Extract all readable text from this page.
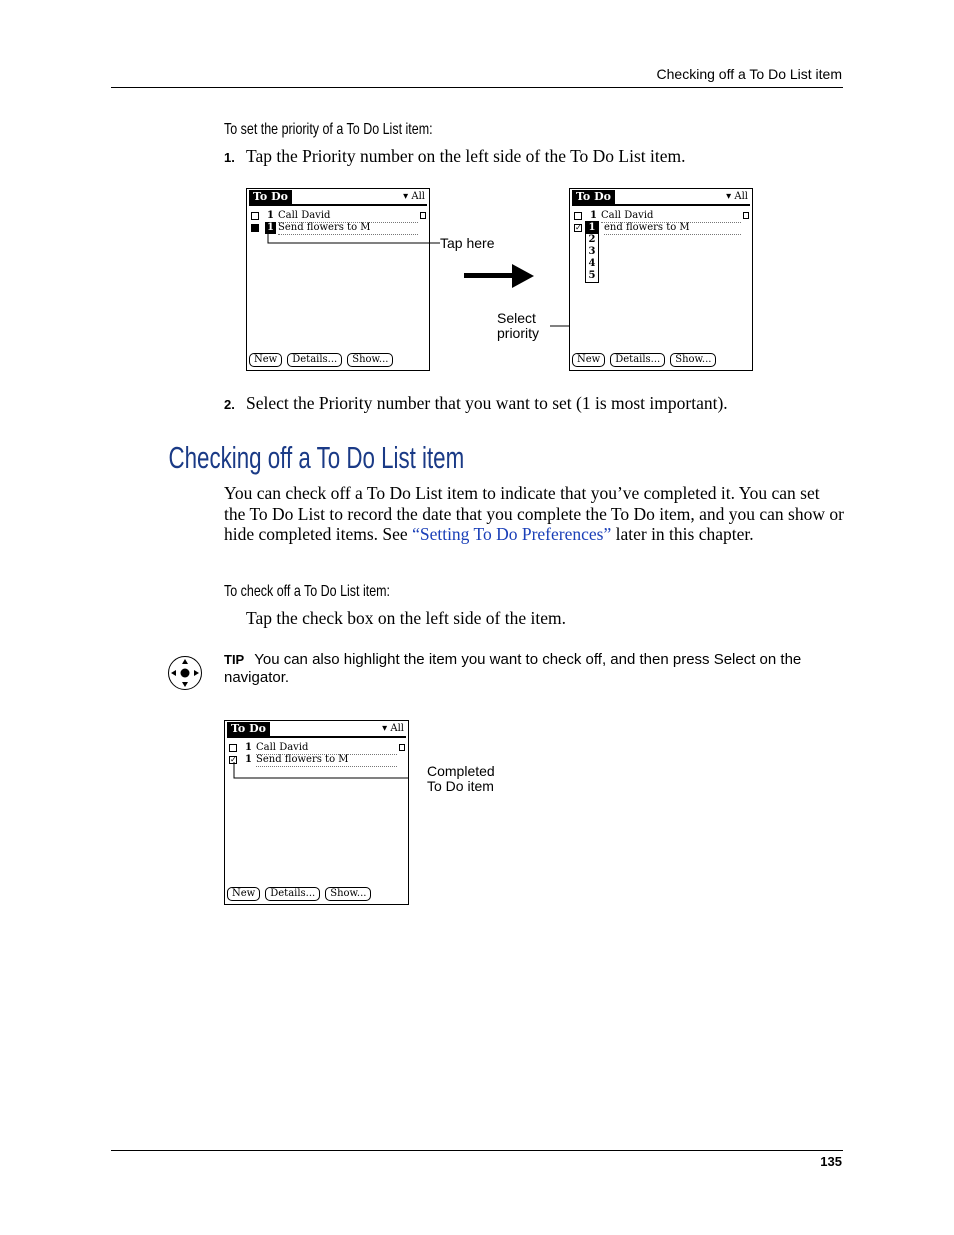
Checking off a To Do List item
To set the priority of a To Do List item:
1. Tap the Priority number on the left side of the To Do List item.
To Do	▾ All
1 Call David
1 Send flowers to M
New	Details...	Show...
Tap here
Select
priority
To Do	▾ All
1 Call David
✓ end flowers to M
1
2
3
4
5
New	Details...	Show...
2. Select the Priority number that you want to set (1 is most important).
Checking off a To Do List item
You can check off a To Do List item to indicate that you’ve completed it. You can set the To Do List to record the date that you complete the To Do item, and you can show or hide completed items. See “Setting To Do Preferences” later in this chapter.
To check off a To Do List item:
Tap the check box on the left side of the item.
TIP You can also highlight the item you want to check off, and then press Select on the navigator.
To Do	▾ All
1 Call David
✓ 1 Send flowers to M
New	Details...	Show...
Completed
To Do item
135
